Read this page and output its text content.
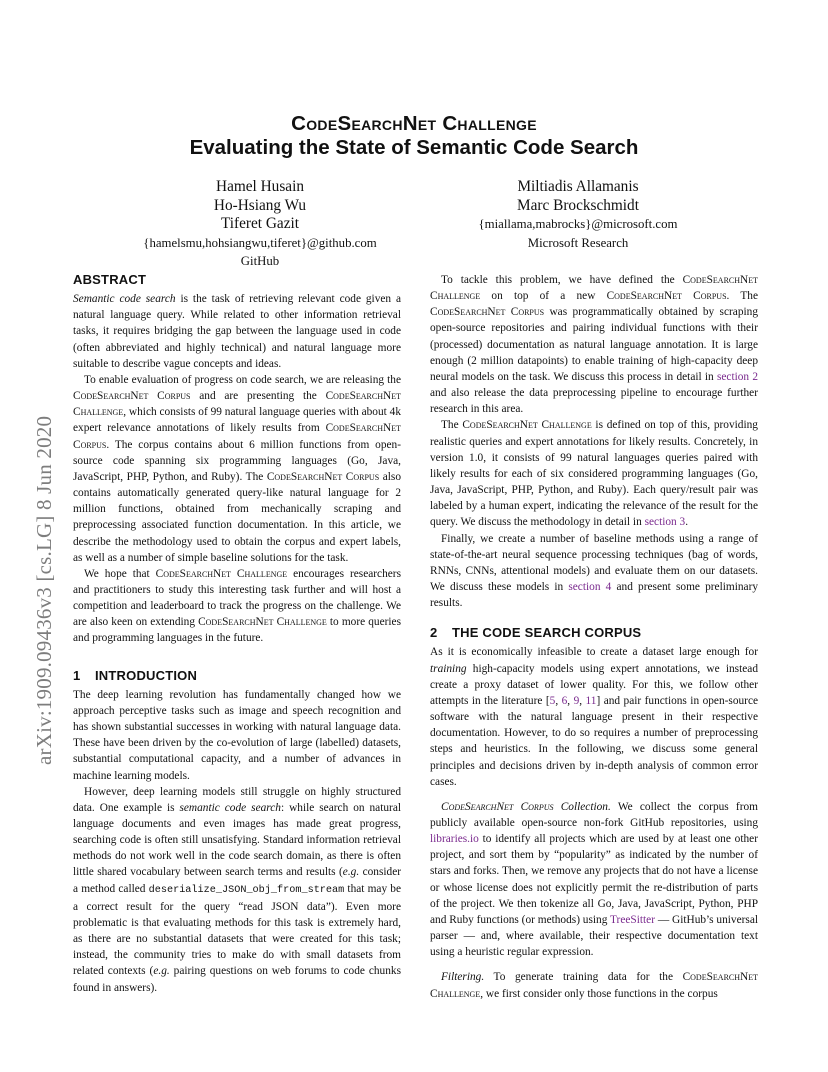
arXiv:1909.09436v3 [cs.LG] 8 Jun 2020
CodeSearchNet Challenge
Evaluating the State of Semantic Code Search
Hamel Husain
Ho-Hsiang Wu
Tiferet Gazit
{hamelsmu,hohsiangwu,tiferet}@github.com
GitHub
Miltiadis Allamanis
Marc Brockschmidt
{miallama,mabrocks}@microsoft.com
Microsoft Research
ABSTRACT

Semantic code search is the task of retrieving relevant code given a natural language query. While related to other information retrieval tasks, it requires bridging the gap between the language used in code (often abbreviated and highly technical) and natural language more suitable to describe vague concepts and ideas.

To enable evaluation of progress on code search, we are releasing the CodeSearchNet Corpus and are presenting the CodeSearchNet Challenge, which consists of 99 natural language queries with about 4k expert relevance annotations of likely results from CodeSearchNet Corpus. The corpus contains about 6 million functions from open-source code spanning six programming languages (Go, Java, JavaScript, PHP, Python, and Ruby). The CodeSearchNet Corpus also contains automatically generated query-like natural language for 2 million functions, obtained from mechanically scraping and preprocessing associated function documentation. In this article, we describe the methodology used to obtain the corpus and expert labels, as well as a number of simple baseline solutions for the task.

We hope that CodeSearchNet Challenge encourages researchers and practitioners to study this interesting task further and will host a competition and leaderboard to track the progress on the challenge. We are also keen on extending CodeSearchNet Challenge to more queries and programming languages in the future.

1 INTRODUCTION

The deep learning revolution has fundamentally changed how we approach perceptive tasks such as image and speech recognition and has shown substantial successes in working with natural language data. These have been driven by the co-evolution of large (labelled) datasets, substantial computational capacity, and a number of advances in machine learning models.

However, deep learning models still struggle on highly structured data. One example is semantic code search: while search on natural language documents and even images has made great progress, searching code is often still unsatisfying. Standard information retrieval methods do not work well in the code search domain, as there is often little shared vocabulary between search terms and results (e.g. consider a method called deserialize_JSON_obj_from_stream that may be a correct result for the query “read JSON data”). Even more problematic is that evaluating methods for this task is extremely hard, as there are no substantial datasets that were created for this task; instead, the community tries to make do with small datasets from related contexts (e.g. pairing questions on web forums to code chunks found in answers).

To tackle this problem, we have defined the CodeSearchNet Challenge on top of a new CodeSearchNet Corpus. The CodeSearchNet Corpus was programmatically obtained by scraping open-source repositories and pairing individual functions with their (processed) documentation as natural language annotation. It is large enough (2 million datapoints) to enable training of high-capacity deep neural models on the task. We discuss this process in detail in section 2 and also release the data preprocessing pipeline to encourage further research in this area.

The CodeSearchNet Challenge is defined on top of this, providing realistic queries and expert annotations for likely results. Concretely, in version 1.0, it consists of 99 natural languages queries paired with likely results for each of six considered programming languages (Go, Java, JavaScript, PHP, Python, and Ruby). Each query/result pair was labeled by a human expert, indicating the relevance of the result for the query. We discuss the methodology in detail in section 3.

Finally, we create a number of baseline methods using a range of state-of-the-art neural sequence processing techniques (bag of words, RNNs, CNNs, attentional models) and evaluate them on our datasets. We discuss these models in section 4 and present some preliminary results.

2 THE CODE SEARCH CORPUS

As it is economically infeasible to create a dataset large enough for training high-capacity models using expert annotations, we instead create a proxy dataset of lower quality. For this, we follow other attempts in the literature [5, 6, 9, 11] and pair functions in open-source software with the natural language present in their respective documentation. However, to do so requires a number of preprocessing steps and heuristics. In the following, we discuss some general principles and decisions driven by in-depth analysis of common error cases.

CodeSearchNet Corpus Collection. We collect the corpus from publicly available open-source non-fork GitHub repositories, using libraries.io to identify all projects which are used by at least one other project, and sort them by “popularity” as indicated by the number of stars and forks. Then, we remove any projects that do not have a license or whose license does not explicitly permit the re-distribution of parts of the project. We then tokenize all Go, Java, JavaScript, Python, PHP and Ruby functions (or methods) using TreeSitter — GitHub’s universal parser — and, where available, their respective documentation text using a heuristic regular expression.

Filtering. To generate training data for the CodeSearchNet Challenge, we first consider only those functions in the corpus
